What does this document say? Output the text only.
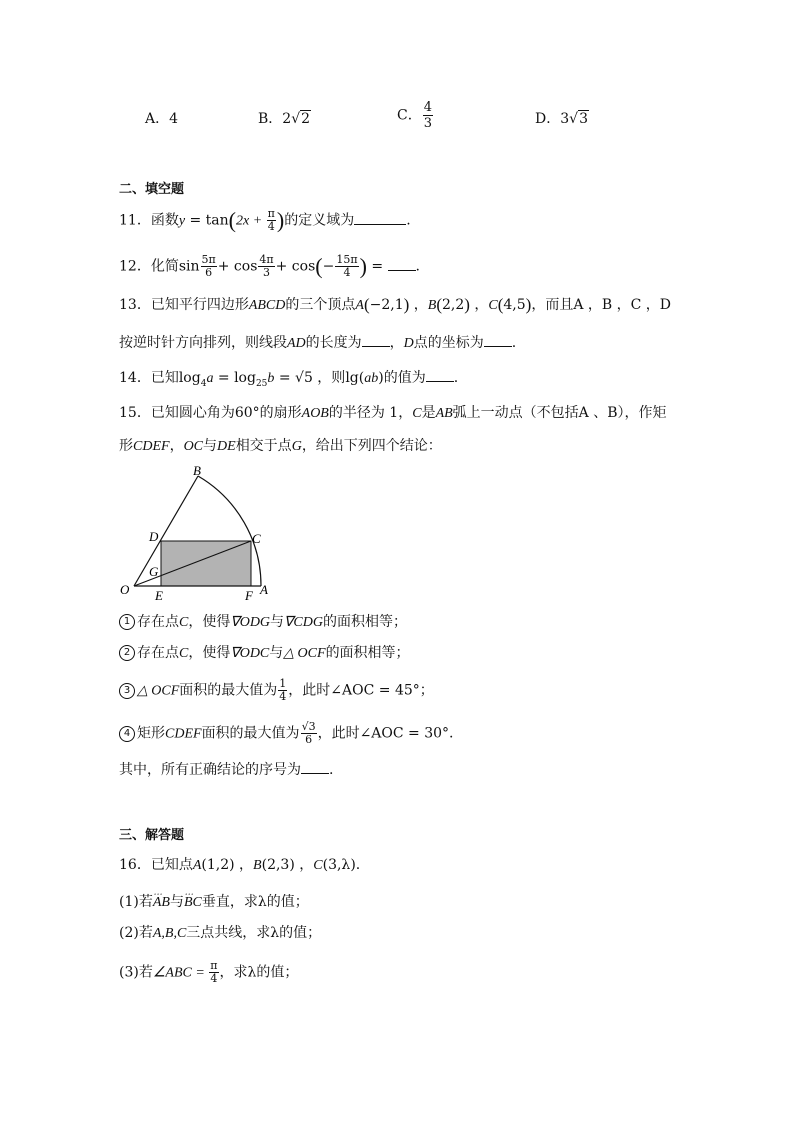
A．4	B．2√2	C． $\frac{4}{3}$	D．3√3
二、填空题
11．函数$y = \tan(2x + \frac{\pi}{4}$ )的定义域为	.
12．化简$\sin \frac{5\pi}{6} + \cos \frac{4\pi}{3} + \cos(- \frac{15\pi}{4}$ ) = .
13．已知平行四边形ABCD的三个顶点A(−2,1) ，B(2,2) ，C(4,5)，而且A ，B ，C ，D
按逆时针方向排列，则线段AD的长度为 ，D点的坐标为 .
14．已知$\log_4a = \log_{25}b = √5$ ，则lg(ab)的值为 .
15．已知圆心角为60°的扇形AOB的半径为 1，C是AB弧上一动点（不包括A 、B），作矩
形CDEF，OC与DE相交于点G，给出下列四个结论：
B
D	C
G
O E	F A
1 存在点C，使得∇ODG与∇CDG的面积相等；
2 存在点C，使得∇ODC与△ OCF的面积相等；
3 △ OCF面积的最大值为 $\frac{1}{4}$ ，此时∠AOC = 45°；
4 矩形CDEF面积的最大值为 $\frac{√3}{6}$ ，此时∠AOC = 30°.
其中，所有正确结论的序号为 .
三、解答题
16．已知点A(1,2) ，B(2,3) ，C(3,λ).
(1)若⋯ AB与⋯ BC垂直，求λ的值；
(2)若A,B,C三点共线，求λ的值；
(3)若∠ABC = $\frac{\pi}{4}$ ，求λ的值；
